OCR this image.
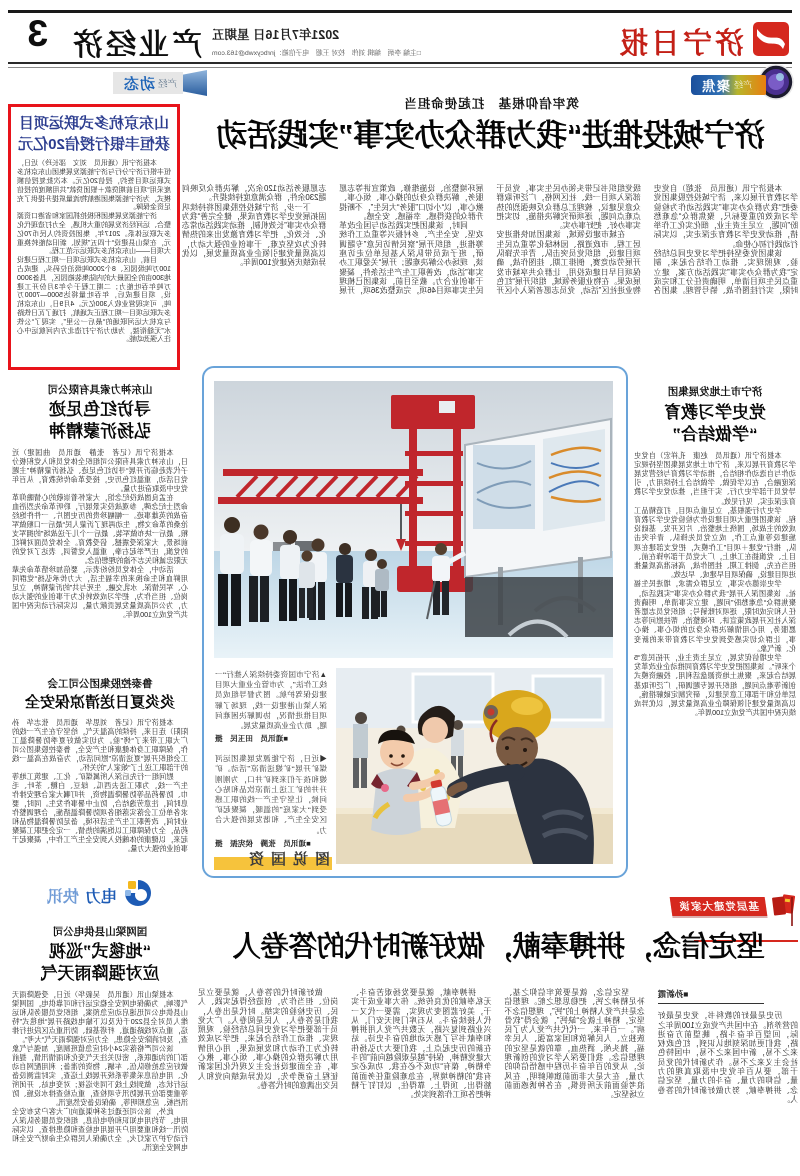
济宁日报
2021年7月16日 星期五
□主编 李炳　编辑 刘伟　校对 王超　电子信箱：jnrbcyxwb@163.com
产业经济
3
产经
聚焦
产经
动态
筑牢信仰根基　扛起使命担当
济宁城投推进“我为群众办实事”实践活动

本报济宁讯（通讯员　张超）自党史学习教育开展以来，济宁城投控股集团党委把“我为群众办实事”实践活动作为检验学习成效的重要标尺，聚焦群众“急难愁盼”问题，立足主责主业，细化实化工作举措，推动党史学习教育走深走实，以实际行动践行初心使命。

该集团党委坚持把学习党史同总结经验、观照现实、推动工作结合起来，制定“我为群众办实事”实践活动方案，建立重点民生项目清单，明确责任分工和完成时限，实行挂图作战、销号管理。集团各级党组织书记带头领办民生实事，党员干部深入项目一线、社区网格，广泛听取群众意见建议，梳理汇总群众反映强烈的热点难点问题，逐项研究解决措施，切实把实事办好、把好事办实。

在城市建设领域，该集团加快推进安居工程、市政道路、园林绿化等重点民生项目建设，组织党员突击队、青年先锋队开展劳动竞赛，倒排工期、挂图作战，确保项目早日建成投用，让群众共享城市发展成果。在物业服务领域，组织开展“红色物业进社区”活动，党员志愿者深入小区开展环境整治、设施维修、政策宣讲等志愿服务，解决群众身边的操心事、烦心事、揪心事，以“小切口”服务“大民生”，不断提升群众的获得感、幸福感、安全感。

同时，该集团把实践活动与国企改革攻坚、安全生产、乡村振兴等重点工作统筹推进，组织开展“察民情访民意”专题调研，班子成员带队深入基层单位走访座谈，现场办公解决难题；开展“关爱职工办实事”活动，改善职工生产生活条件，凝聚干事创业合力。截至目前，该集团已梳理民生实事项目46项，完成整改36项，开展志愿服务活动120余次，解决群众反映问题230余件，群众满意度持续提升。

下一步，济宁城投控股集团将持续巩固拓展党史学习教育成果，健全完善“我为群众办实事”长效机制，推动实践活动常态化、长效化，把学习教育激发出来的热情转化为攻坚克难、干事创业的强大动力，以高质量党建引领企业高质量发展，以优异成绩庆祝建党100周年。

山东京杭多式联运项目
获恒丰银行授信20亿元

本报济宁讯（通讯员　刘文　邵长玲）近日，恒丰银行济宁分行与济宁能源发展集团山东京杭多式联运项目签约，授信20亿元。本次批复授信额度采用“项目前期贷款＋银团贷款”共用额度的授信模式，为济宁能源集团港航物流量质提升提供了充足资金保障。

济宁能源发展集团积极抢抓国家和省港口资源整合、运河经济发展的重大机遇，全力打造现代化多式联运体系。2017年，集团投资约人民币70亿元，在梁山县建设“十四五”规划、新旧动能转换重大项目——山东京杭多式联运示范工程。

目前，山东京杭多式联运项目一期工程已建设100万吨级园区、8个2000吨级泊位码头，建成占地300亩的全国最大的内陆集装箱园区，具备3000万吨年吞吐能力；二期工程于今年3月份开工建设，项目建成后，年吞吐量将达5000—7000万吨，可实现营业收入300亿元。4月9日，山东京杭多式联运项目一期工程正式通航，打通了瓦日铁路与京杭大运河联通的“最后一公里”，实现了“公铁水”无缝衔接，为助力济宁打造北方内河航运中心注入强劲动能。

济宁市土地发展集团
党史学习教育
“学做结合”

本报济宁讯（通讯员　赵康　孔祥宏）自党史学习教育开展以来，济宁市土地发展集团坚持规定动作与自选动作相结合，推动学习教育与经营发展深度融合，在以学促做、学做结合上持续用力，引导党员干部学史力行、实干担当，推动党史学习教育走深走实、见行见效。

学史力行强根基，立足重点项目，打造精品工程。该集团把重大项目建设作为检验党史学习教育成效的主战场，围绕土地整治、片区开发、基础设施建设等重点工作，成立党员先锋队、青年突击队，推行“党建＋项目”工作模式，把党支部建在项目上、党旗插在工地上，广大党员干部冲锋在前、担当在先，倒排工期、挂图作战，高标准高质量推进项目建设，确保项目早建成、早达效。

学史崇德办实事，立足群众需求，增进民生福祉。该集团深入开展“我为群众办实事”实践活动，聚焦群众“急难愁盼”问题，建立实事清单，明确责任人和完成时限，逐项对账销号；组织党员志愿者深入社区开展政策宣讲、环境整治、帮扶慰问等志愿服务，用心用情解决群众身边的烦心事、操心事，让群众切实感受到党史学习教育带来的新变化、新气象。

学史增信促发展，立足主责主业，开拓民意“5个来听”。该集团把党史学习教育同推动企业改革发展结合起来，聚焦土地资源盘活利用、投融资模式创新等难点问题，组织开展专题调研，广泛听取基层单位和干部职工意见建议，研究制定破解措施，以高质量党建引领保障企业高质量发展，以优异成绩庆祝中国共产党成立100周年。

▲济宁市国资委持续深入推行“一线工作法”，为市管企业重大项目建设保驾护航。图为督导组成员深入梁山港建设一线，现场了解项目推进情况，协调解决困难问题，助力企业高质量发展。
■通讯员　田玉民　摄
◀近日，济宁能源发展集团运河煤矿开展“矿嫂送清凉”活动。矿嫂和孩子们来到矿井口，为刚刚升井的矿工送上清凉饮品和贴心问候，让坚守生产一线的职工感受到“大家庭”的温暖，凝聚起矿区安全生产、和谐发展的强大合力。
■通讯员　张腾　侯宪振　摄
图说国资
山东神力索具有限公司
寻访红色足迹
弘扬沂蒙精神

本报济宁讯（记者　张静　通讯员　曲国建）近日，山东神力索具有限公司组织全体党员和入党积极分子代表赴临沂开展“寻访红色足迹、弘扬沂蒙精神”主题党日活动，重温红色历史，接受革命传统教育，从百年党史中汲取奋进力量。

在孟良崮战役纪念馆，大家怀着崇敬的心情瞻仰革命烈士纪念碑，参观战役实景展厅，聆听革命先烈浴血奋战的英雄事迹。一幅幅珍贵的历史图片、一件件饱经沧桑的革命文物，生动再现了沂蒙人民“最后一口粮做军粮、最后一块布做军装、最后一个儿子送战场”的拥军支前场景，大家深受震撼、倍受教育。全体党员面对鲜红的党旗，庄严举起右拳，重温入党誓词，表达了对党的无限忠诚和矢志不渝的理想信念。

活动中，全体党员纷纷表示，要倍加珍惜革命先辈用鲜血和生命换来的幸福生活，大力传承弘扬“党群同心、军民情深、水乳交融、生死与共”的沂蒙精神，立足岗位、担当作为，把学习成效转化为干事创业的强大动力，为公司高质量发展贡献力量，以实际行动庆祝中国共产党成立100周年。

鲁泰控股集团公司工会
炎炎夏日送清凉保安全

本报济宁讯（记者　刘思华　通讯员　张志华　孙阳阳）连日来，持续的高温天气，给坚守在生产一线的广大职工带来了“烤”验。为切实做好夏季防暑降温工作，保障职工身体健康和生产安全，鲁泰控股集团公司工会组织开展“夏送清凉”慰问活动，为奋战在高温一线的干部职工送上了“娘家人”的关怀。

慰问组一行先后深入所属煤矿、化工、建筑工地等生产一线，为职工送去西瓜、绿豆、白糖、茶叶、毛巾、防暑药品等防暑降温物资，并叮嘱大家合理安排作息时间，注意劳逸结合，防止中暑事件发生。同时，要求各单位工会落实落细各项防暑降温措施，合理调整作业时间，改善职工生产生活环境，备足防暑降温物品和药品，全力保障职工以饱满的热情、一定会把职工凝聚起来，以健康的体魄投入到安全生产工作中，凝聚起干事创业的强大力量。

电力
快讯
国网梁山县供电公司
“地毯式”巡视
应对强降雨天气

本报梁山讯（通讯员　吴毅华）近日，受强降雨天气影响，为确保电网安全稳定运行和可靠供电，国网梁山县供电公司迅速启动应急预案，组织党员服务队和运维人员对全县220千伏及以下输电线路开展“地毯式”特巡，重点对线路通道、杆塔基础、防汛重点区段进行排查，及时消除安全隐患，全力应对强降雨天气“大考”。

该公司严格落实24小时应急值班制度，加强与气象部门的沟通联系，密切关注天气变化和雨情汛情，提前做好应急抢修队伍、车辆、物资的准备；利用配网自动化、用电信息采集等系统开展线上巡查，实时监测设备运行状态，做到线上线下同步巡视；对变电站、开闭所等重要部位开展防汛专项检查，重点检查排水设施、防汛挡板、应急照明等，确保设备安然度汛。

此外，该公司还通过多种渠道向广大客户发布安全用电、节约用电知识和停电信息，组织党员服务队深入防汛一线和重要用户开展用电检查和隐患排查，以实际行动守护万家灯火，全力确保人民群众生命财产安全和电网安全度汛。

基层党建大家谈
坚定信念，拼搏奉献，做好新时代的答卷人
■孙新霞

历史是最好的教科书，党史是最好的营养剂。在中国共产党成立100周年之际，回望百年奋斗路，眺望前方奋进路，我们更加深刻地认识到，红色政权来之不易，新中国来之不易，中国特色社会主义来之不易。作为新时代的党员干部，要从百年党史中汲取真理的力量、信仰的力量、奋斗的力量，坚定信念、拼搏奉献，努力做好新时代的答卷人。

坚定信念，就是要筑牢信仰之基、补足精神之钙、把稳思想之舵。理想信念是共产党人精神上的“钙”，理想信念不坚定，精神上就会“缺钙”，就会得“软骨病”。一百年来，一代代共产党人为了民族独立、人民解放和国家富强、人民幸福，抛头颅、洒热血，靠的就是坚定的理想信念。我们要深入学习党的创新理论，从党的百年奋斗历程中感悟信仰的力量，在大是大非面前旗帜鲜明，在风浪考验面前无所畏惧，在各种诱惑面前立场坚定。

拼搏奉献，就是要发扬艰苦奋斗、无私奉献的优良传统。伟大事业成于实干，美好蓝图变为现实，需要一代又一代人接续奋斗。从石库门到天安门，从兴业路到复兴路，无数共产党人用拼搏和奉献书写了感天动地的奋斗史诗。站在新的历史起点上，我们要大力弘扬伟大建党精神，保持“越是艰险越向前”的斗争精神，葆有“功成不必在我、功成必定有我”的精神境界，在急难险重任务面前豁得出、顶得上、靠得住，以钉钉子精神把各项工作落到实处。

做好新时代的答卷人，就是要立足岗位、担当作为，创造经得起实践、人民、历史检验的实绩。时代是出卷人，我们是答卷人，人民是阅卷人。广大党员干部要把学习党史同总结经验、观照现实、推动工作结合起来，把学习成效转化为工作动力和发展成果，用心用情用力解决群众的操心事、烦心事、揪心事，在全面建设社会主义现代化国家新征程上奋勇争先，以优异成绩向党和人民交出满意的时代答卷。
